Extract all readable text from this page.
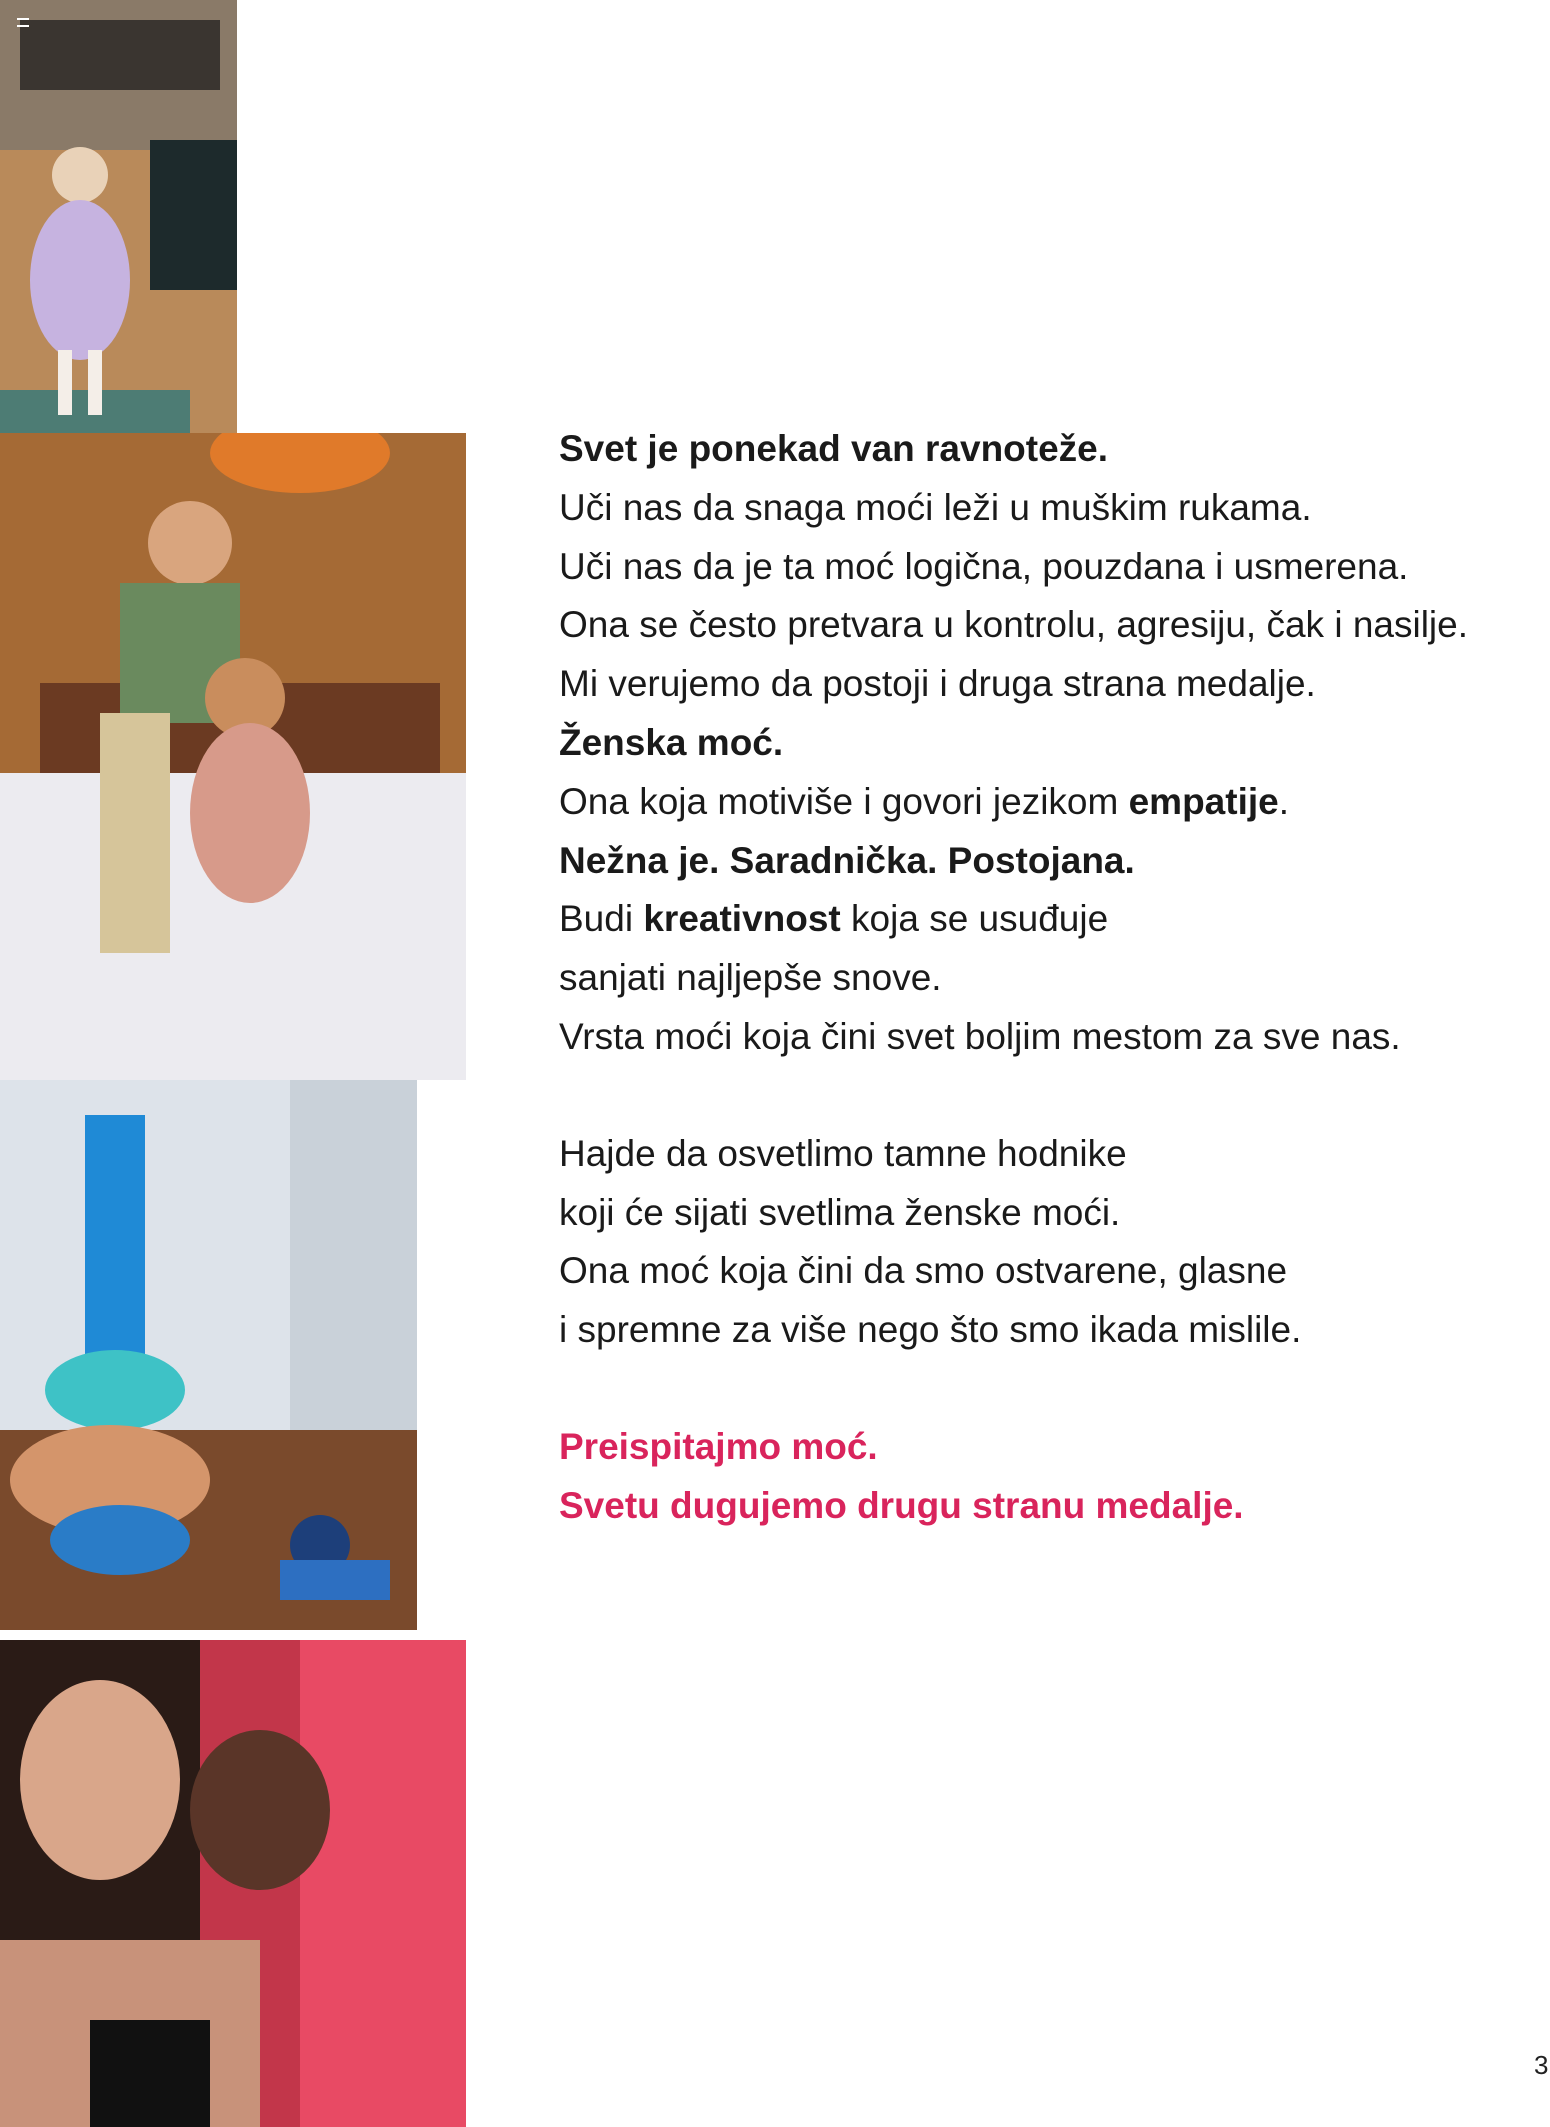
Svet je ponekad van ravnoteže.

Uči nas da snaga moći leži u muškim rukama.

Uči nas da je ta moć logična, pouzdana i usmerena.

Ona se često pretvara u kontrolu, agresiju, čak i nasilje.

Mi verujemo da postoji i druga strana medalje.

Ženska moć.

Ona koja motiviše i govori jezikom empatije.

Nežna je. Saradnička. Postojana.

Budi kreativnost koja se usuđuje

sanjati najljepše snove.

Vrsta moći koja čini svet boljim mestom za sve nas.

Hajde da osvetlimo tamne hodnike

koji će sijati svetlima ženske moći.

Ona moć koja čini da smo ostvarene, glasne

i spremne za više nego što smo ikada mislile.

Preispitajmo moć.

Svetu dugujemo drugu stranu medalje.

3
